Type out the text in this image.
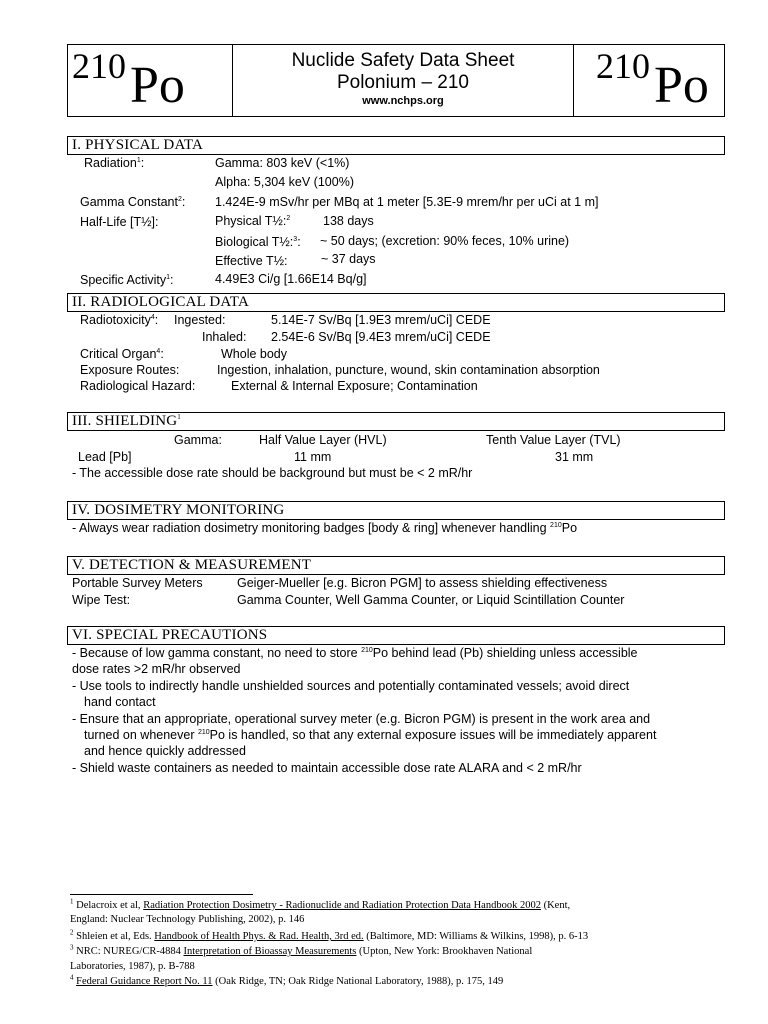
210 Po	Nuclide Safety Data Sheet
Polonium – 210
www.nchps.org
210 Po
I. PHYSICAL DATA
Radiation$^1$:	Gamma: 803 keV (<1%)
Alpha: 5,304 keV (100%)
Gamma Constant$^2$: 1.424E-9 mSv/hr per MBq at 1 meter [5.3E-9 mrem/hr per uCi at 1 m]
Half-Life [T½]:	Physical T½:$^2$	138 days
Biological T½:$^3$: ~ 50 days; (excretion: 90% feces, 10% urine)
Effective T½:	~ 37 days
Specific Activity$^1$:	4.49E3 Ci/g [1.66E14 Bq/g]
II. RADIOLOGICAL DATA
Radiotoxicity$^4$: Ingested:	5.14E-7 Sv/Bq [1.9E3 mrem/uCi] CEDE
Inhaled: 2.54E-6 Sv/Bq [9.4E3 mrem/uCi] CEDE
Critical Organ$^4$:	Whole body
Exposure Routes:	Ingestion, inhalation, puncture, wound, skin contamination absorption
Radiological Hazard:	External & Internal Exposure; Contamination
III. SHIELDING$^1$
Gamma:	Half Value Layer (HVL)	Tenth Value Layer (TVL)
Lead [Pb]	11 mm	31 mm
- The accessible dose rate should be background but must be < 2 mR/hr
IV. DOSIMETRY MONITORING
- Always wear radiation dosimetry monitoring badges [body & ring] whenever handling $^{210}$Po
V. DETECTION & MEASUREMENT
Portable Survey Meters	Geiger-Mueller [e.g. Bicron PGM] to assess shielding effectiveness
Wipe Test:	Gamma Counter, Well Gamma Counter, or Liquid Scintillation Counter
VI. SPECIAL PRECAUTIONS
- Because of low gamma constant, no need to store $^{210}$Po behind lead (Pb) shielding unless accessible
dose rates >2 mR/hr observed
- Use tools to indirectly handle unshielded sources and potentially contaminated vessels; avoid direct
hand contact
- Ensure that an appropriate, operational survey meter (e.g. Bicron PGM) is present in the work area and
turned on whenever $^{210}$Po is handled, so that any external exposure issues will be immediately apparent
and hence quickly addressed
- Shield waste containers as needed to maintain accessible dose rate ALARA and < 2 mR/hr
$^1$ Delacroix et al, Radiation Protection Dosimetry - Radionuclide and Radiation Protection Data Handbook 2002 (Kent,
England: Nuclear Technology Publishing, 2002), p. 146
$^2$ Shleien et al, Eds. Handbook of Health Phys. & Rad. Health, 3rd ed. (Baltimore, MD: Williams & Wilkins, 1998), p. 6-13
$^3$ NRC: NUREG/CR-4884 Interpretation of Bioassay Measurements (Upton, New York: Brookhaven National
Laboratories, 1987), p. B-788
$^4$ Federal Guidance Report No. 11 (Oak Ridge, TN; Oak Ridge National Laboratory, 1988), p. 175, 149
